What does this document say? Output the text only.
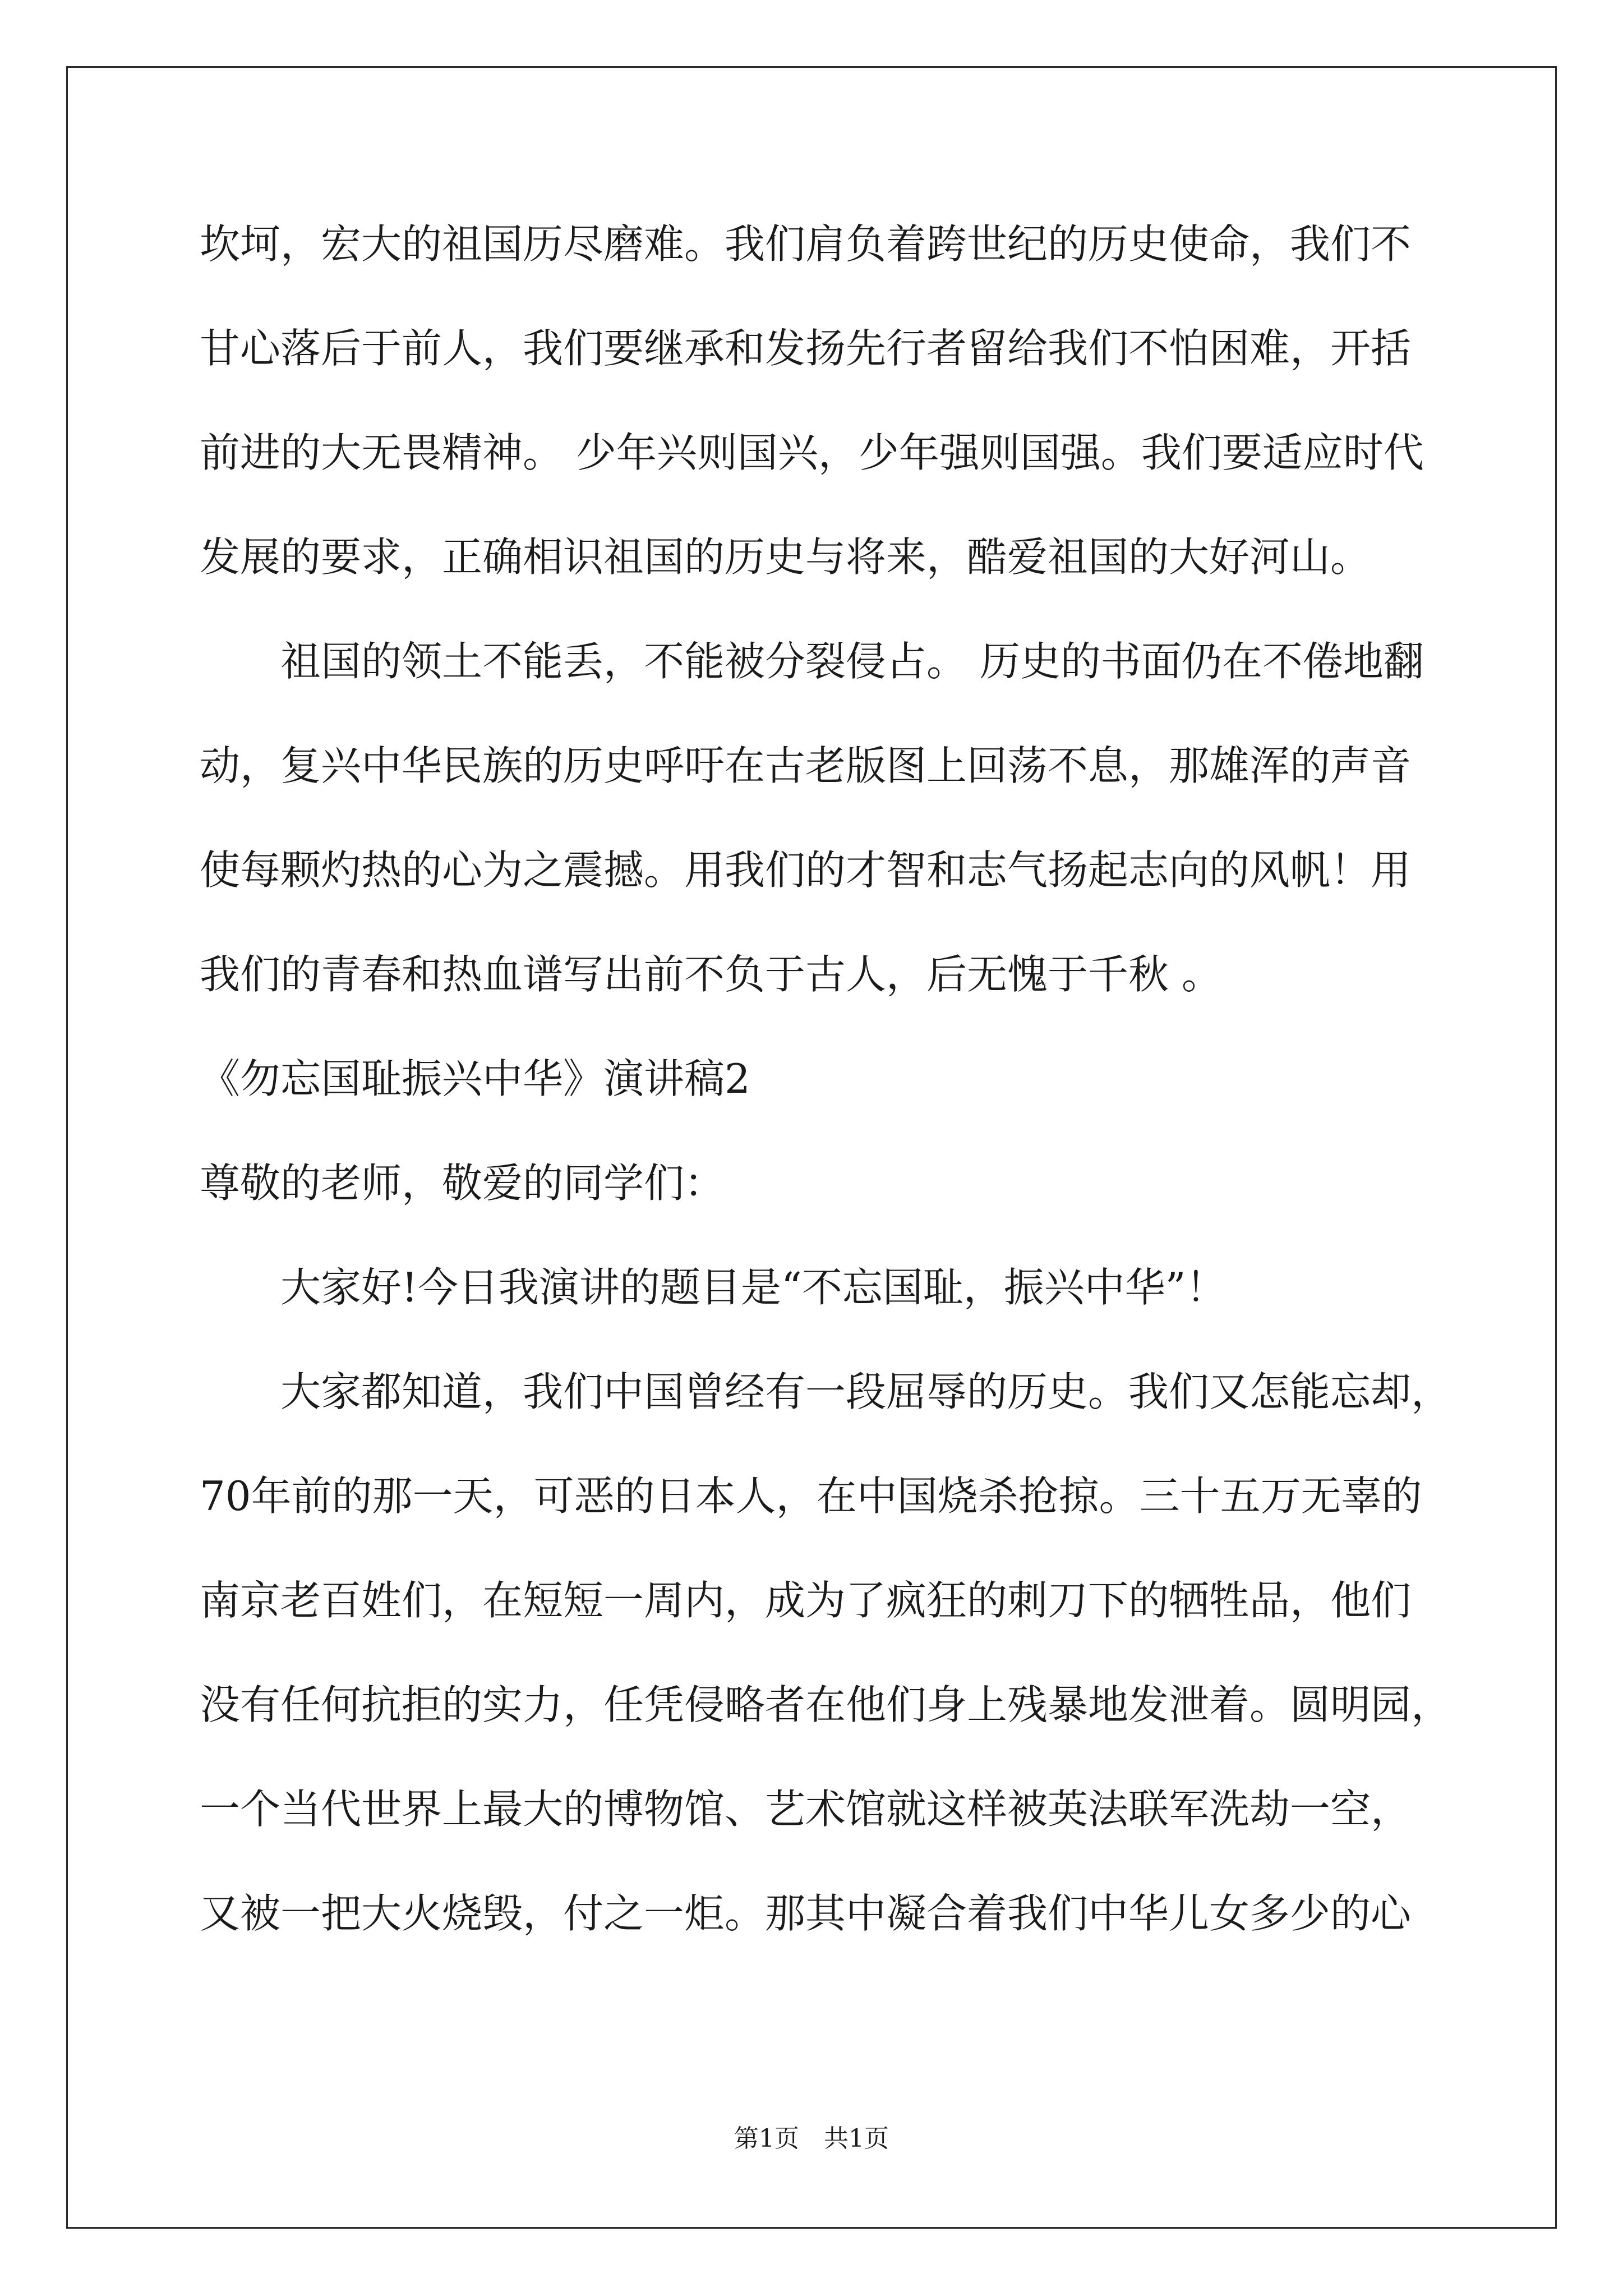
坎坷，宏大的祖国历尽磨难。我们肩负着跨世纪的历史使命，我们不
甘心落后于前人，我们要继承和发扬先行者留给我们不怕困难，开括
前进的大无畏精神。 少年兴则国兴，少年强则国强。我们要适应时代
发展的要求，正确相识祖国的历史与将来，酷爱祖国的大好河山。
祖国的领土不能丢，不能被分裂侵占。 历史的书面仍在不倦地翻
动，复兴中华民族的历史呼吁在古老版图上回荡不息，那雄浑的声音
使每颗灼热的心为之震撼。用我们的才智和志气扬起志向的风帆！用
我们的青春和热血谱写出前不负于古人，后无愧于千秋 。
《勿忘国耻振兴中华》演讲稿2
尊敬的老师，敬爱的同学们：
大家好!今日我演讲的题目是“不忘国耻，振兴中华”！
大家都知道，我们中国曾经有一段屈辱的历史。我们又怎能忘却，
70年前的那一天，可恶的日本人，在中国烧杀抢掠。三十五万无辜的
南京老百姓们，在短短一周内，成为了疯狂的刺刀下的牺牲品，他们
没有任何抗拒的实力，任凭侵略者在他们身上残暴地发泄着。圆明园，
一个当代世界上最大的博物馆、艺术馆就这样被英法联军洗劫一空，
又被一把大火烧毁，付之一炬。那其中凝合着我们中华儿女多少的心
第1页　共1页
